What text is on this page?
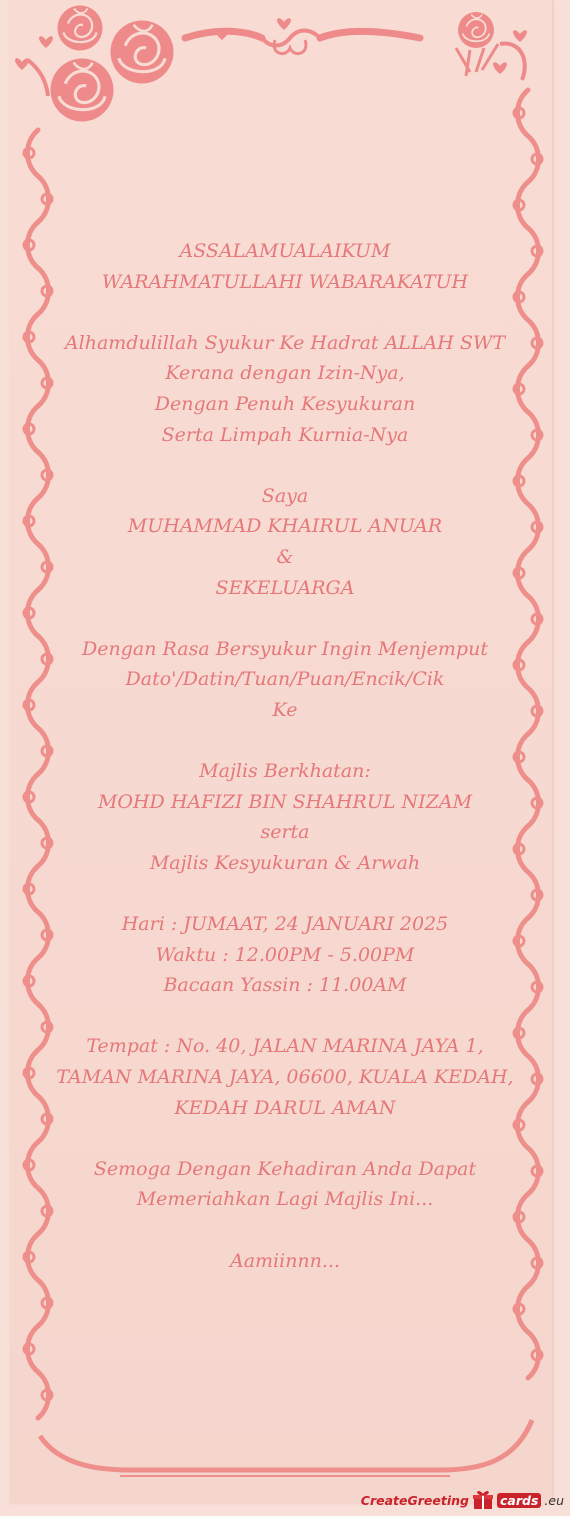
ASSALAMUALAIKUM

WARAHMATULLAHI WABARAKATUH

Alhamdulillah Syukur Ke Hadrat ALLAH SWT

Kerana dengan Izin-Nya,

Dengan Penuh Kesyukuran

Serta Limpah Kurnia-Nya

Saya

MUHAMMAD KHAIRUL ANUAR

&

SEKELUARGA

Dengan Rasa Bersyukur Ingin Menjemput

Dato'/Datin/Tuan/Puan/Encik/Cik

Ke

Majlis Berkhatan:

MOHD HAFIZI BIN SHAHRUL NIZAM

serta

Majlis Kesyukuran & Arwah

Hari : JUMAAT, 24 JANUARI 2025

Waktu : 12.00PM - 5.00PM

Bacaan Yassin : 11.00AM

Tempat : No. 40, JALAN MARINA JAYA 1,

TAMAN MARINA JAYA, 06600, KUALA KEDAH,

KEDAH DARUL AMAN

Semoga Dengan Kehadiran Anda Dapat

Memeriahkan Lagi Majlis Ini...

Aamiinnn...

CreateGreeting cards .eu
